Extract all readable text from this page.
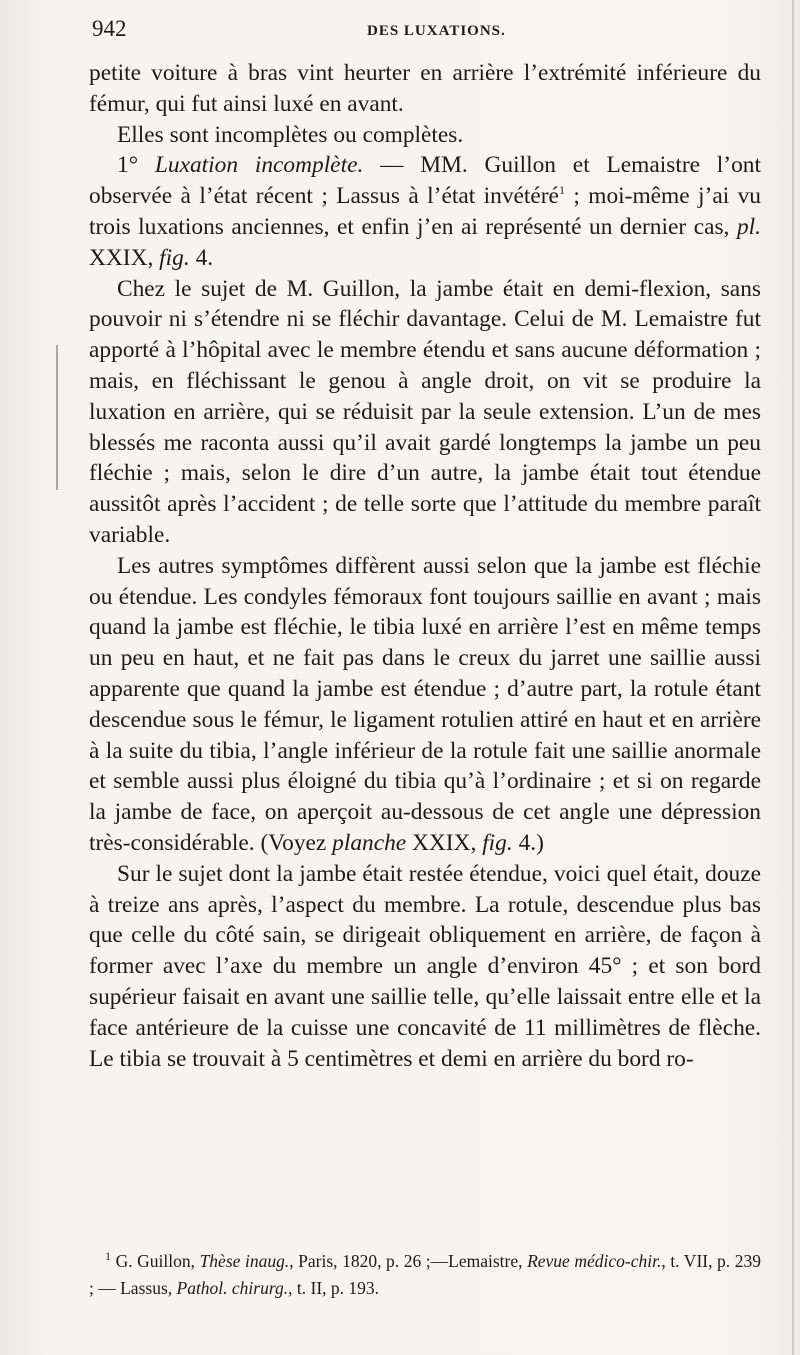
942	DES LUXATIONS.

petite voiture à bras vint heurter en arrière l’extrémité inférieure du fémur, qui fut ainsi luxé en avant.

Elles sont incomplètes ou complètes.

1° Luxation incomplète. — MM. Guillon et Lemaistre l’ont observée à l’état récent ; Lassus à l’état invétéré$^1$ ; moi-même j’ai vu trois luxations anciennes, et enfin j’en ai représenté un dernier cas, pl. XXIX, fig. 4.

Chez le sujet de M. Guillon, la jambe était en demi-flexion, sans pouvoir ni s’étendre ni se fléchir davantage. Celui de M. Lemaistre fut apporté à l’hôpital avec le membre étendu et sans aucune déformation ; mais, en fléchissant le genou à angle droit, on vit se produire la luxation en arrière, qui se réduisit par la seule extension. L’un de mes blessés me raconta aussi qu’il avait gardé longtemps la jambe un peu fléchie ; mais, selon le dire d’un autre, la jambe était tout étendue aussitôt après l’accident ; de telle sorte que l’attitude du membre paraît variable.

Les autres symptômes diffèrent aussi selon que la jambe est fléchie ou étendue. Les condyles fémoraux font toujours saillie en avant ; mais quand la jambe est fléchie, le tibia luxé en arrière l’est en même temps un peu en haut, et ne fait pas dans le creux du jarret une saillie aussi apparente que quand la jambe est étendue ; d’autre part, la rotule étant descendue sous le fémur, le ligament rotulien attiré en haut et en arrière à la suite du tibia, l’angle inférieur de la rotule fait une saillie anormale et semble aussi plus éloigné du tibia qu’à l’ordinaire ; et si on regarde la jambe de face, on aperçoit au-dessous de cet angle une dépression très-considérable. (Voyez planche XXIX, fig. 4.)

Sur le sujet dont la jambe était restée étendue, voici quel était, douze à treize ans après, l’aspect du membre. La rotule, descendue plus bas que celle du côté sain, se dirigeait obliquement en arrière, de façon à former avec l’axe du membre un angle d’environ 45° ; et son bord supérieur faisait en avant une saillie telle, qu’elle laissait entre elle et la face antérieure de la cuisse une concavité de 11 millimètres de flèche. Le tibia se trouvait à 5 centimètres et demi en arrière du bord ro-

$^1$ G. Guillon, Thèse inaug., Paris, 1820, p. 26 ;—Lemaistre, Revue médico-chir., t. VII, p. 239 ; — Lassus, Pathol. chirurg., t. II, p. 193.
